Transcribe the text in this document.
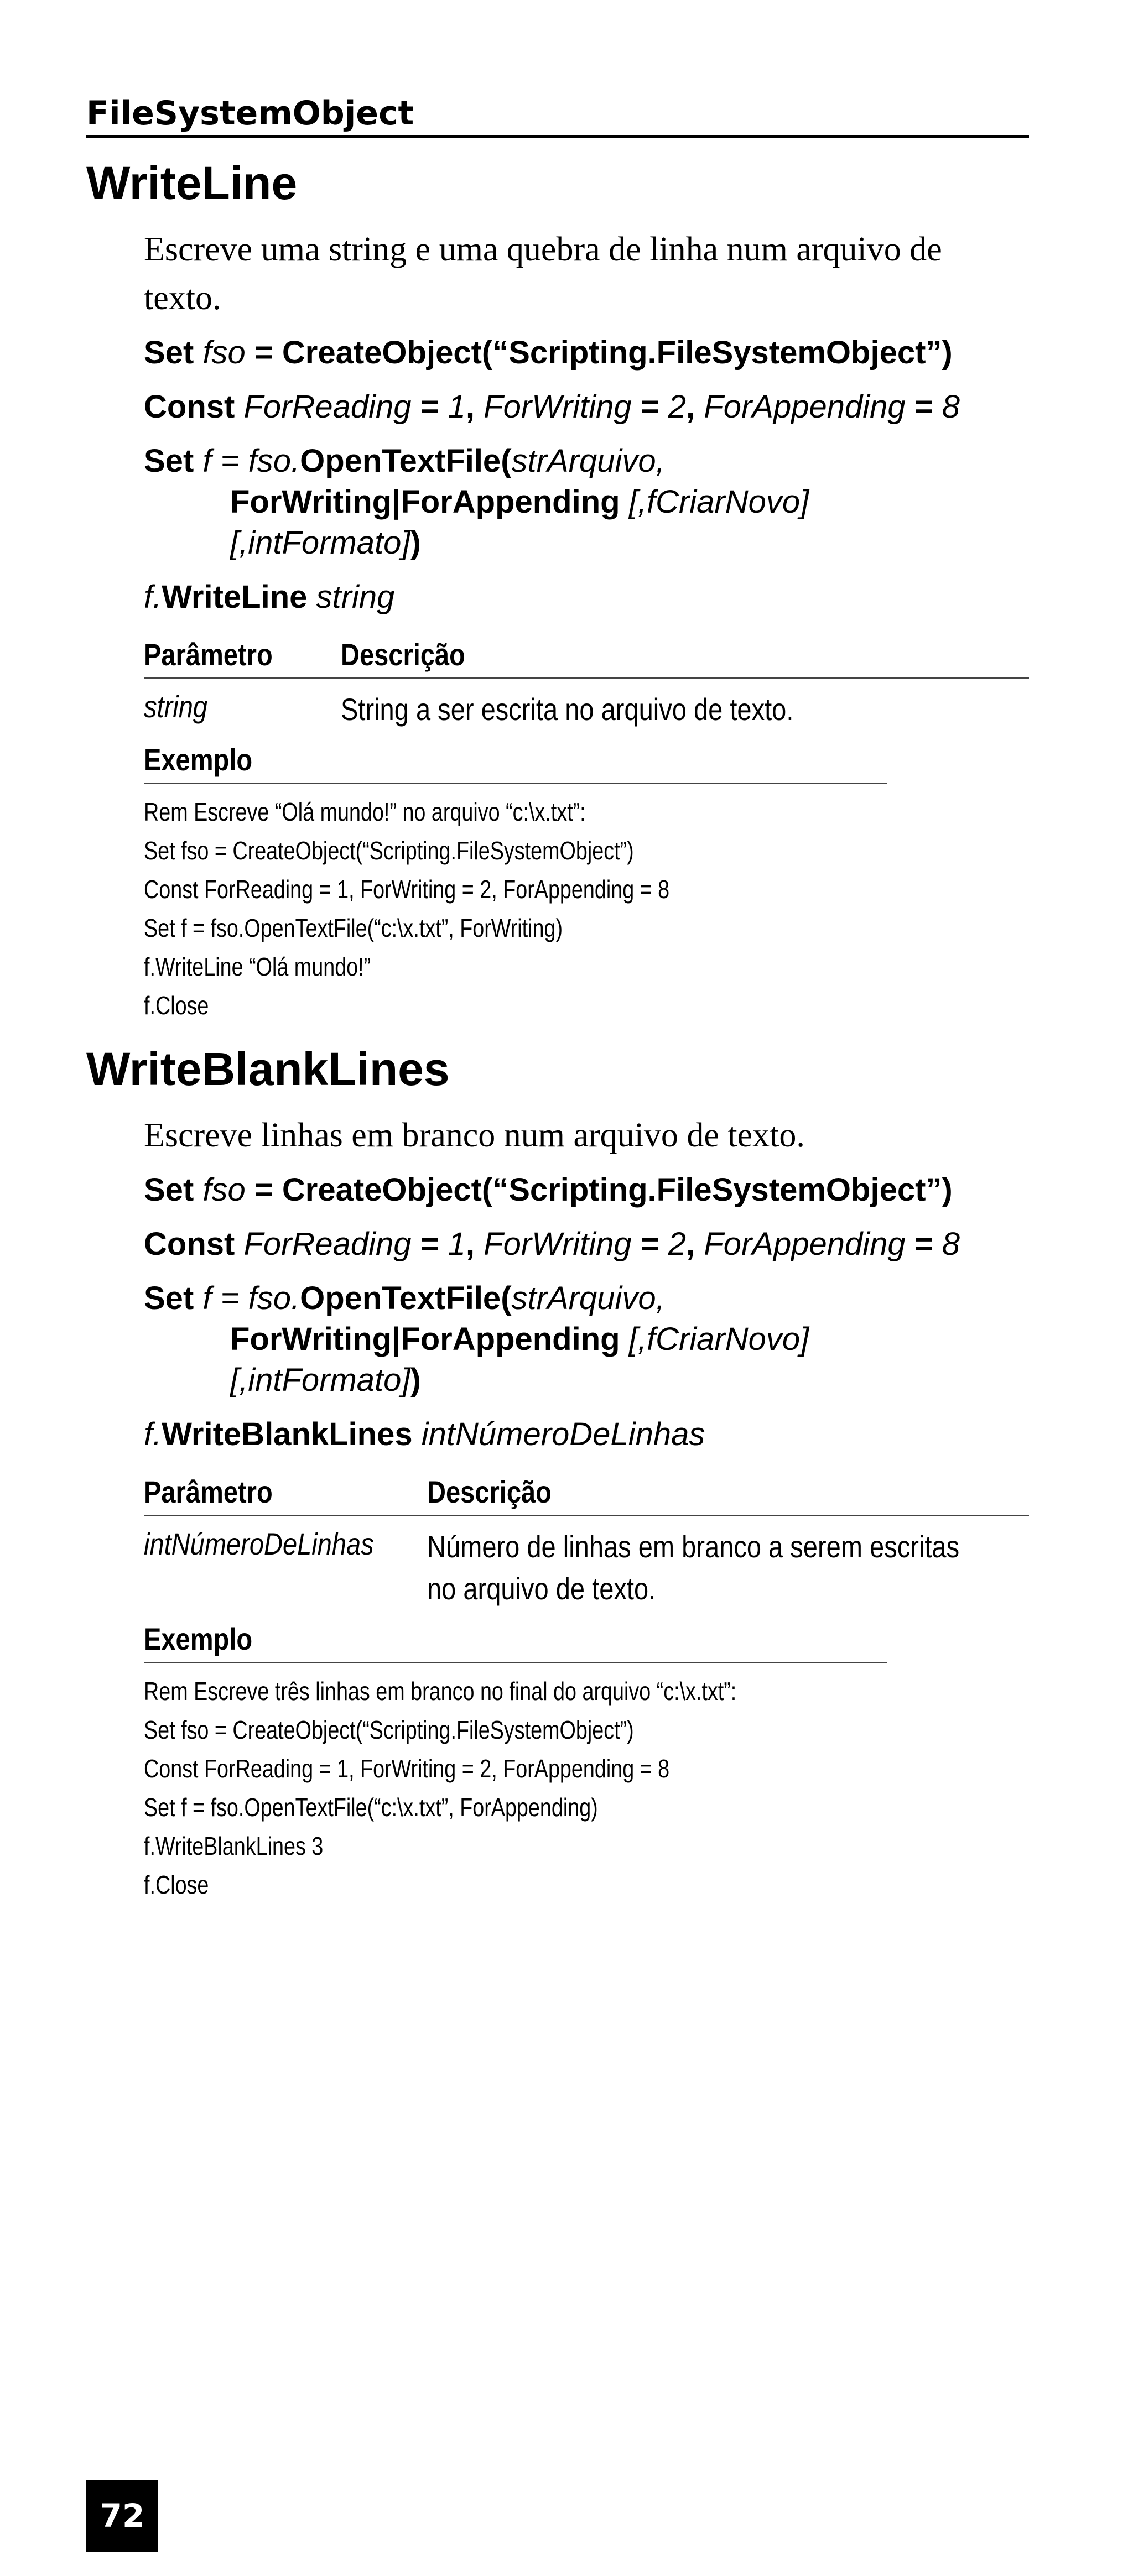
FileSystemObject
WriteLine
Escreve uma string e uma quebra de linha num arquivo de
texto.
Set fso = CreateObject(“Scripting.FileSystemObject”)
Const ForReading = 1, ForWriting = 2, ForAppending = 8
Set f = fso.OpenTextFile(strArquivo,
ForWriting|ForAppending [,fCriarNovo]
[,intFormato])
f.WriteLine string
Parâmetro	Descrição
string	String a ser escrita no arquivo de texto.
Exemplo
Rem Escreve “Olá mundo!” no arquivo “c:\x.txt”:
Set fso = CreateObject(“Scripting.FileSystemObject”)
Const ForReading = 1, ForWriting = 2, ForAppending = 8
Set f = fso.OpenTextFile(“c:\x.txt”, ForWriting)
f.WriteLine “Olá mundo!”
f.Close
WriteBlankLines
Escreve linhas em branco num arquivo de texto.
Set fso = CreateObject(“Scripting.FileSystemObject”)
Const ForReading = 1, ForWriting = 2, ForAppending = 8
Set f = fso.OpenTextFile(strArquivo,
ForWriting|ForAppending [,fCriarNovo]
[,intFormato])
f.WriteBlankLines intNúmeroDeLinhas
Parâmetro	Descrição
intNúmeroDeLinhas Número de linhas em branco a serem escritas
no arquivo de texto.
Exemplo
Rem Escreve três linhas em branco no final do arquivo “c:\x.txt”:
Set fso = CreateObject(“Scripting.FileSystemObject”)
Const ForReading = 1, ForWriting = 2, ForAppending = 8
Set f = fso.OpenTextFile(“c:\x.txt”, ForAppending)
f.WriteBlankLines 3
f.Close
72
